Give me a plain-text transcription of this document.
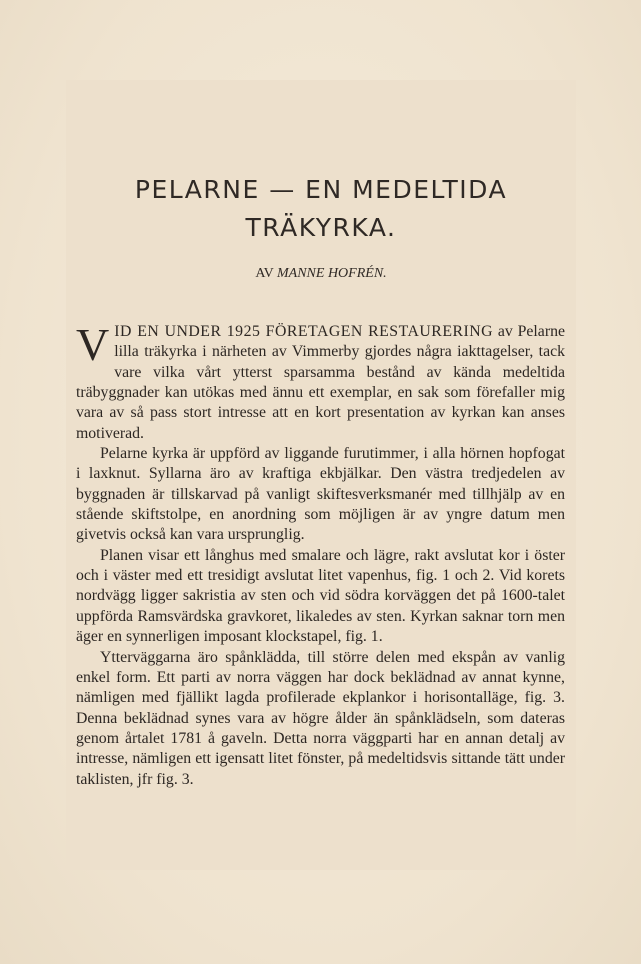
PELARNE — EN MEDELTIDA
TRÄKYRKA.
AV MANNE HOFRÉN.

VID EN UNDER 1925 FÖRETAGEN RESTAURERING av Pelarne lilla träkyrka i närheten av Vimmerby gjordes några iakttagelser, tack vare vilka vårt ytterst sparsamma bestånd av kända medeltida träbyggnader kan utökas med ännu ett exemplar, en sak som förefaller mig vara av så pass stort intresse att en kort presentation av kyrkan kan anses motiverad.

Pelarne kyrka är uppförd av liggande furutimmer, i alla hörnen hopfogat i laxknut. Syllarna äro av kraftiga ekbjälkar. Den västra tredjedelen av byggnaden är tillskarvad på vanligt skiftesverksmanér med tillhjälp av en stående skiftstolpe, en anordning som möjligen är av yngre datum men givetvis också kan vara ursprunglig.

Planen visar ett långhus med smalare och lägre, rakt avslutat kor i öster och i väster med ett tresidigt avslutat litet vapenhus, fig. 1 och 2. Vid korets nordvägg ligger sakristia av sten och vid södra korväggen det på 1600-talet uppförda Ramsvärdska gravkoret, likaledes av sten. Kyrkan saknar torn men äger en synnerligen imposant klockstapel, fig. 1.

Ytterväggarna äro spånklädda, till större delen med ekspån av vanlig enkel form. Ett parti av norra väggen har dock beklädnad av annat kynne, nämligen med fjällikt lagda profilerade ekplankor i horisontalläge, fig. 3. Denna beklädnad synes vara av högre ålder än spånklädseln, som dateras genom årtalet 1781 å gaveln. Detta norra väggparti har en annan detalj av intresse, nämligen ett igensatt litet fönster, på medeltidsvis sittande tätt under taklisten, jfr fig. 3.
